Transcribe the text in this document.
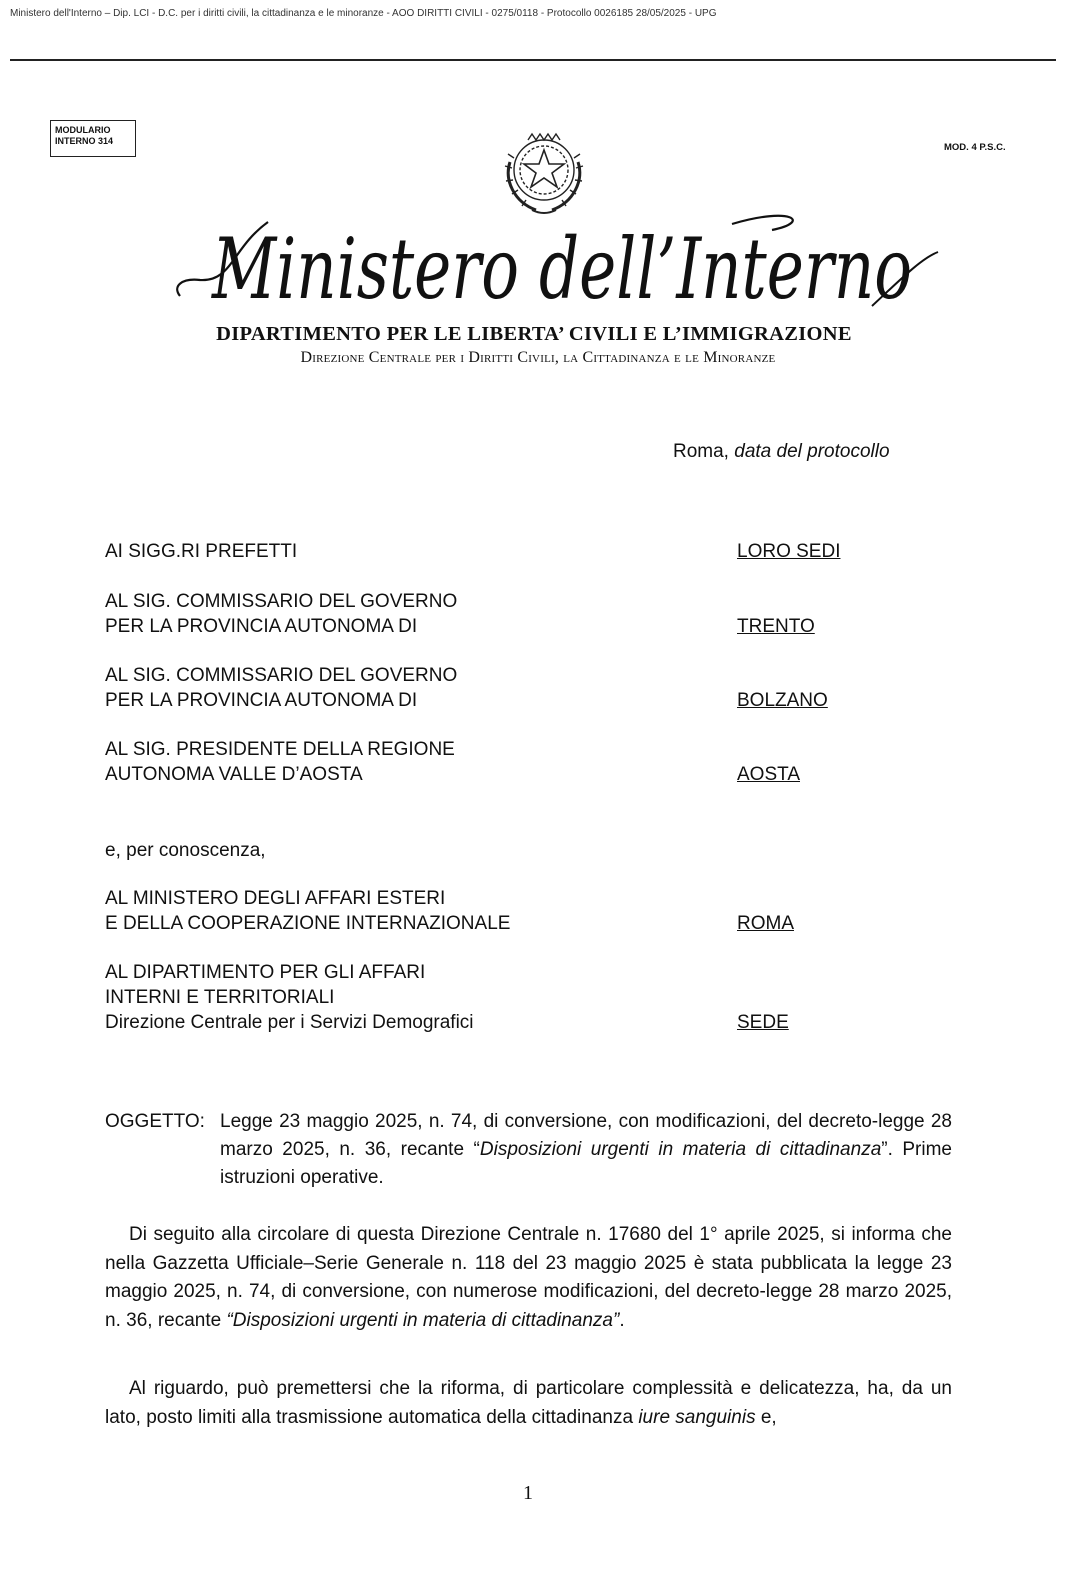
Ministero dell'Interno – Dip. LCI - D.C. per i diritti civili, la cittadinanza e le minoranze - AOO DIRITTI CIVILI - 0275/0118 - Protocollo 0026185 28/05/2025 - UPG
MODULARIO
INTERNO 314
MOD. 4 P.S.C.
Ministero dell’Interno
DIPARTIMENTO PER LE LIBERTA’ CIVILI E L’IMMIGRAZIONE
Direzione Centrale per i Diritti Civili, la Cittadinanza e le Minoranze
Roma, data del protocollo
AI SIGG.RI PREFETTI	LORO SEDI
AL SIG. COMMISSARIO DEL GOVERNO
PER LA PROVINCIA AUTONOMA DI	TRENTO
AL SIG. COMMISSARIO DEL GOVERNO
PER LA PROVINCIA AUTONOMA DI	BOLZANO
AL SIG. PRESIDENTE DELLA REGIONE
AUTONOMA VALLE D’AOSTA	AOSTA
e, per conoscenza,
AL MINISTERO DEGLI AFFARI ESTERI
E DELLA COOPERAZIONE INTERNAZIONALE	ROMA
AL DIPARTIMENTO PER GLI AFFARI
INTERNI E TERRITORIALI
Direzione Centrale per i Servizi Demografici	SEDE
OGGETTO: Legge 23 maggio 2025, n. 74, di conversione, con modificazioni, del decreto-legge 28 marzo 2025, n. 36, recante “Disposizioni urgenti in materia di cittadinanza”. Prime istruzioni operative.
Di seguito alla circolare di questa Direzione Centrale n. 17680 del 1° aprile 2025, si informa che nella Gazzetta Ufficiale–Serie Generale n. 118 del 23 maggio 2025 è stata pubblicata la legge 23 maggio 2025, n. 74, di conversione, con numerose modificazioni, del decreto-legge 28 marzo 2025, n. 36, recante “Disposizioni urgenti in materia di cittadinanza”.
Al riguardo, può premettersi che la riforma, di particolare complessità e delicatezza, ha, da un lato, posto limiti alla trasmissione automatica della cittadinanza iure sanguinis e,
1
